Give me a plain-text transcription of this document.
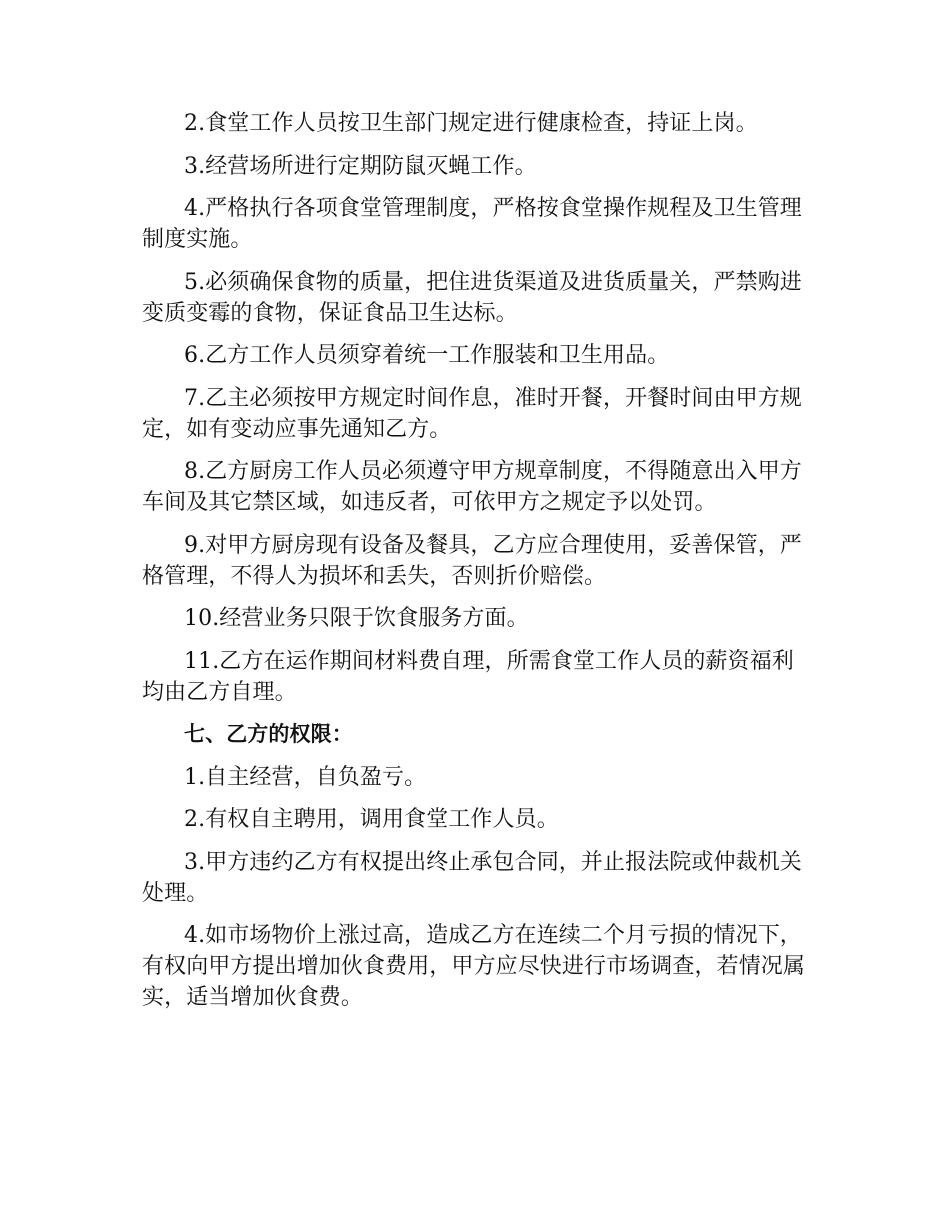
2.食堂工作人员按卫生部门规定进行健康检查，持证上岗。

3.经营场所进行定期防鼠灭蝇工作。

4.严格执行各项食堂管理制度，严格按食堂操作规程及卫生管理制度实施。

5.必须确保食物的质量，把住进货渠道及进货质量关，严禁购进变质变霉的食物，保证食品卫生达标。

6.乙方工作人员须穿着统一工作服装和卫生用品。

7.乙主必须按甲方规定时间作息，准时开餐，开餐时间由甲方规定，如有变动应事先通知乙方。

8.乙方厨房工作人员必须遵守甲方规章制度，不得随意出入甲方车间及其它禁区域，如违反者，可依甲方之规定予以处罚。

9.对甲方厨房现有设备及餐具，乙方应合理使用，妥善保管，严格管理，不得人为损坏和丢失，否则折价赔偿。

10.经营业务只限于饮食服务方面。

11.乙方在运作期间材料费自理，所需食堂工作人员的薪资福利均由乙方自理。

七、乙方的权限：

1.自主经营，自负盈亏。

2.有权自主聘用，调用食堂工作人员。

3.甲方违约乙方有权提出终止承包合同，并止报法院或仲裁机关处理。

4.如市场物价上涨过高，造成乙方在连续二个月亏损的情况下，有权向甲方提出增加伙食费用，甲方应尽快进行市场调查，若情况属实，适当增加伙食费。
